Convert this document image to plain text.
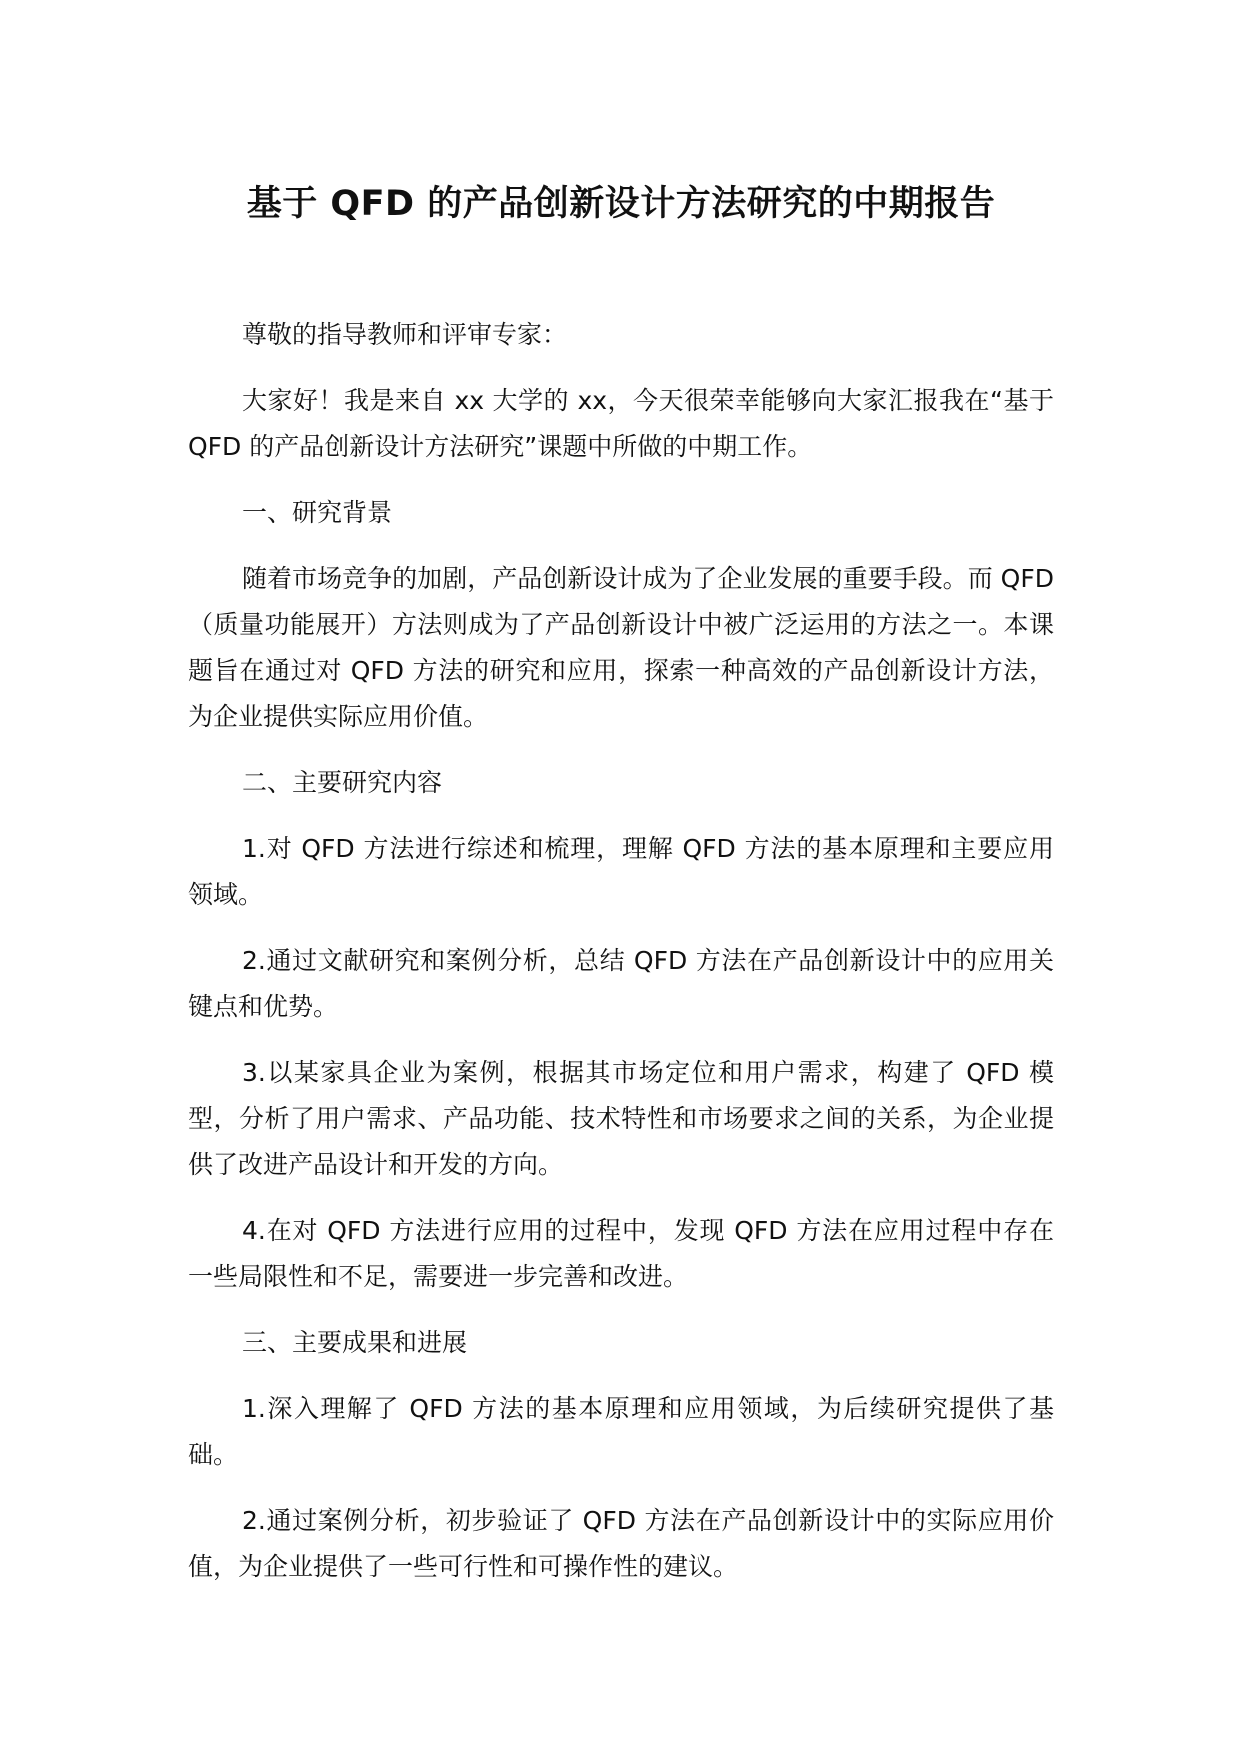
基于 QFD 的产品创新设计方法研究的中期报告

尊敬的指导教师和评审专家：

大家好！我是来自 xx 大学的 xx，今天很荣幸能够向大家汇报我在“基于 QFD 的产品创新设计方法研究”课题中所做的中期工作。

一、研究背景

随着市场竞争的加剧，产品创新设计成为了企业发展的重要手段。而 QFD（质量功能展开）方法则成为了产品创新设计中被广泛运用的方法之一。本课题旨在通过对 QFD 方法的研究和应用，探索一种高效的产品创新设计方法，为企业提供实际应用价值。

二、主要研究内容

1.对 QFD 方法进行综述和梳理，理解 QFD 方法的基本原理和主要应用领域。

2.通过文献研究和案例分析，总结 QFD 方法在产品创新设计中的应用关键点和优势。

3.以某家具企业为案例，根据其市场定位和用户需求，构建了 QFD 模型，分析了用户需求、产品功能、技术特性和市场要求之间的关系，为企业提供了改进产品设计和开发的方向。

4.在对 QFD 方法进行应用的过程中，发现 QFD 方法在应用过程中存在一些局限性和不足，需要进一步完善和改进。

三、主要成果和进展

1.深入理解了 QFD 方法的基本原理和应用领域，为后续研究提供了基础。

2.通过案例分析，初步验证了 QFD 方法在产品创新设计中的实际应用价值，为企业提供了一些可行性和可操作性的建议。
